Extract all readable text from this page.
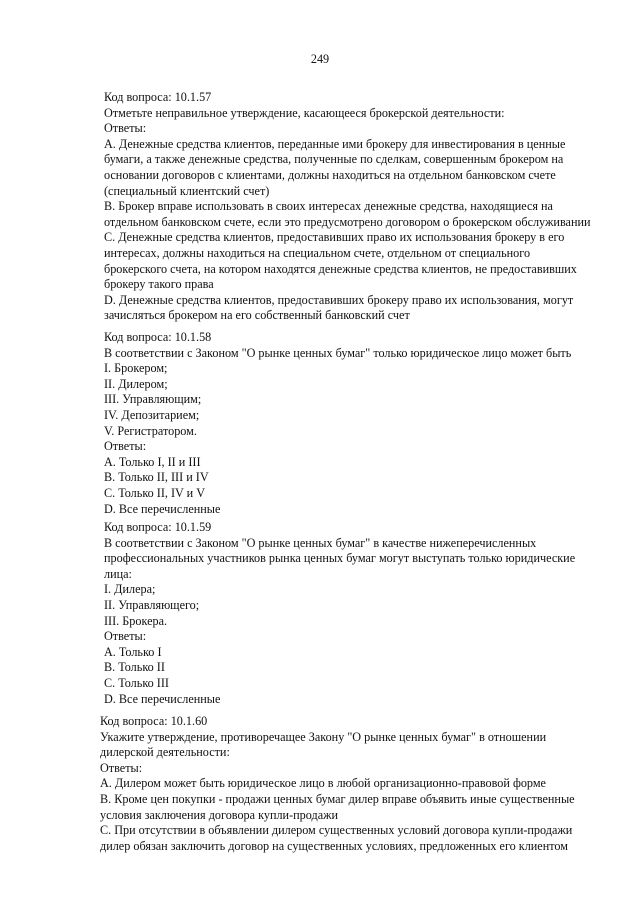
249

Код вопроса: 10.1.57

Отметьте неправильное утверждение, касающееся брокерской деятельности:

Ответы:

А. Денежные средства клиентов, переданные ими брокеру для инвестирования в ценные

бумаги, а также денежные средства, полученные по сделкам, совершенным брокером на

основании договоров с клиентами, должны находиться на отдельном банковском счете

(специальный клиентский счет)

B. Брокер вправе использовать в своих интересах денежные средства, находящиеся на

отдельном банковском счете, если это предусмотрено договором о брокерском обслуживании

C. Денежные средства клиентов, предоставивших право их использования брокеру в его

интересах, должны находиться на специальном счете, отдельном от специального

брокерского счета, на котором находятся денежные средства клиентов, не предоставивших

брокеру такого права

D. Денежные средства клиентов, предоставивших брокеру право их использования, могут

зачисляться брокером на его собственный банковский счет

Код вопроса: 10.1.58

В соответствии с Законом "О рынке ценных бумаг" только юридическое лицо может быть

I. Брокером;

II. Дилером;

III. Управляющим;

IV. Депозитарием;

V. Регистратором.

Ответы:

A. Только I, II и III

B. Только II, III и IV

C. Только II, IV и V

D. Все перечисленные

Код вопроса: 10.1.59

В соответствии с Законом "О рынке ценных бумаг" в качестве нижеперечисленных

профессиональных участников рынка ценных бумаг могут выступать только юридические

лица:

I. Дилера;

II. Управляющего;

III. Брокера.

Ответы:

A. Только I

B. Только II

C. Только III

D. Все перечисленные

Код вопроса: 10.1.60

Укажите утверждение, противоречащее Закону "О рынке ценных бумаг" в отношении

дилерской деятельности:

Ответы:

A. Дилером может быть юридическое лицо в любой организационно-правовой форме

B. Кроме цен покупки - продажи ценных бумаг дилер вправе объявить иные существенные

условия заключения договора купли-продажи

C. При отсутствии в объявлении дилером существенных условий договора купли-продажи

дилер обязан заключить договор на существенных условиях, предложенных его клиентом
